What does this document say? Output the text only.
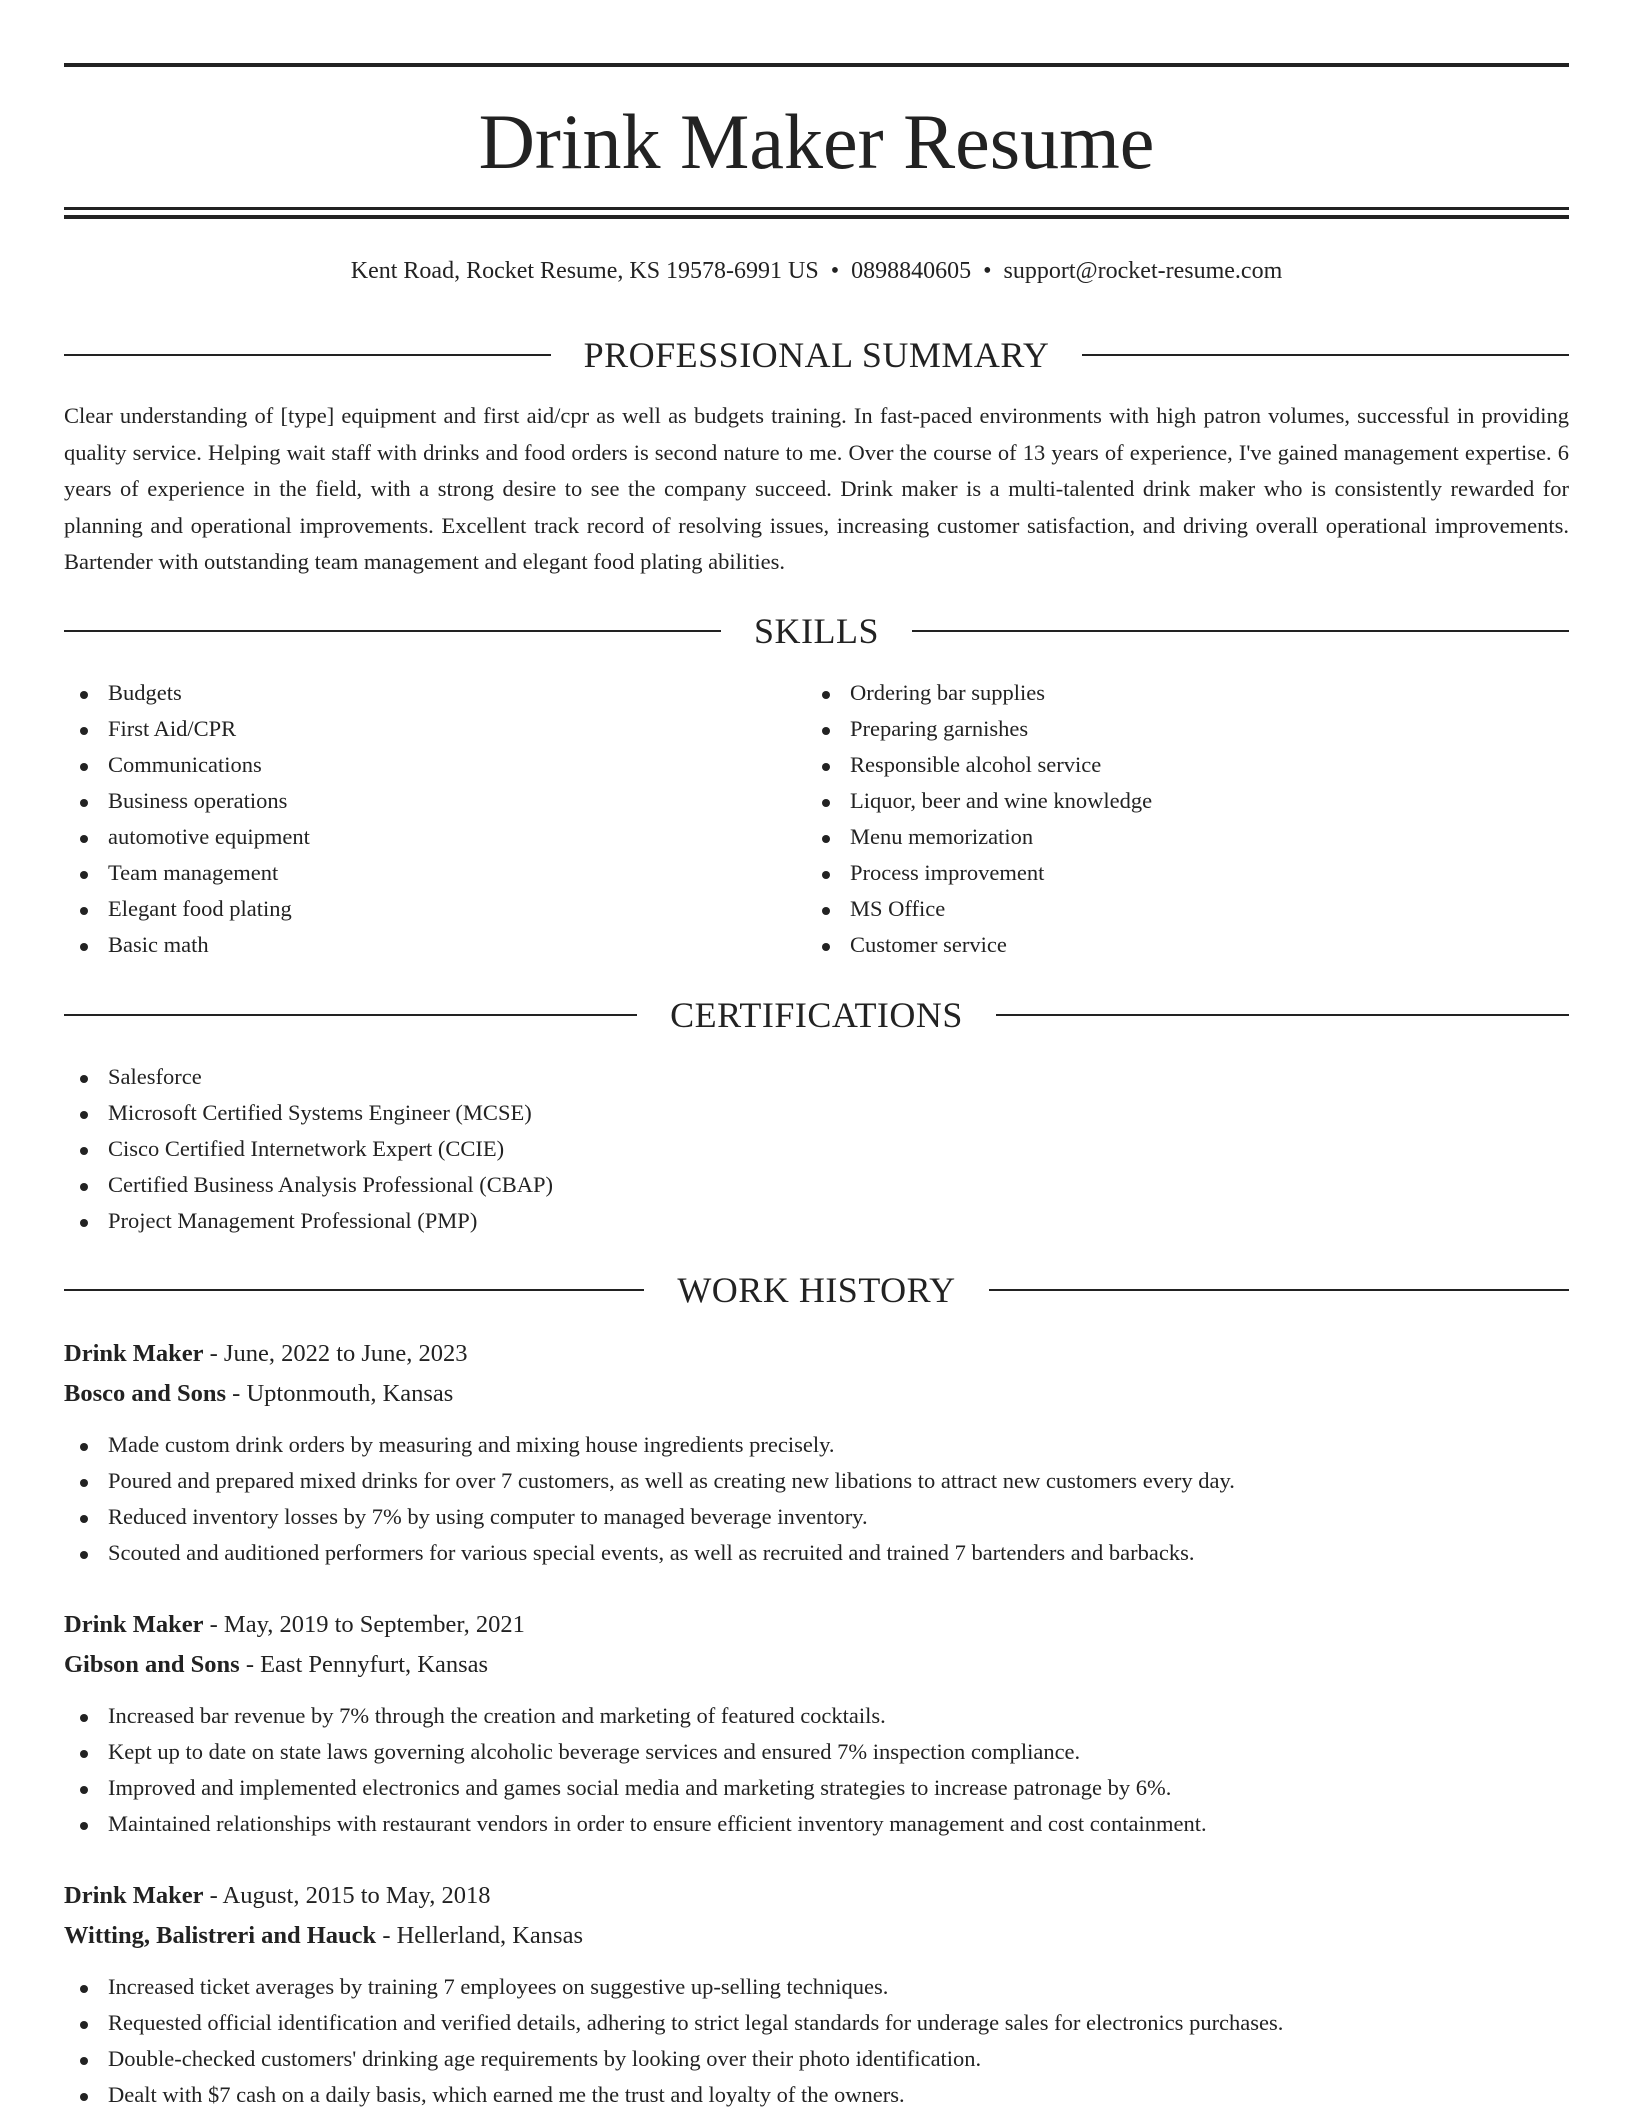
Drink Maker Resume
Kent Road, Rocket Resume, KS 19578-6991 US • 0898840605 • support@rocket-resume.com
PROFESSIONAL SUMMARY

Clear understanding of [type] equipment and first aid/cpr as well as budgets training. In fast-paced environments with high patron volumes, successful in providing quality service. Helping wait staff with drinks and food orders is second nature to me. Over the course of 13 years of experience, I've gained management expertise. 6 years of experience in the field, with a strong desire to see the company succeed. Drink maker is a multi-talented drink maker who is consistently rewarded for planning and operational improvements. Excellent track record of resolving issues, increasing customer satisfaction, and driving overall operational improvements. Bartender with outstanding team management and elegant food plating abilities.

SKILLS
Budgets
First Aid/CPR
Communications
Business operations
automotive equipment
Team management
Elegant food plating
Basic math
Ordering bar supplies
Preparing garnishes
Responsible alcohol service
Liquor, beer and wine knowledge
Menu memorization
Process improvement
MS Office
Customer service
CERTIFICATIONS
Salesforce
Microsoft Certified Systems Engineer (MCSE)
Cisco Certified Internetwork Expert (CCIE)
Certified Business Analysis Professional (CBAP)
Project Management Professional (PMP)
WORK HISTORY
Drink Maker - June, 2022 to June, 2023
Bosco and Sons - Uptonmouth, Kansas
Made custom drink orders by measuring and mixing house ingredients precisely.
Poured and prepared mixed drinks for over 7 customers, as well as creating new libations to attract new customers every day.
Reduced inventory losses by 7% by using computer to managed beverage inventory.
Scouted and auditioned performers for various special events, as well as recruited and trained 7 bartenders and barbacks.
Drink Maker - May, 2019 to September, 2021
Gibson and Sons - East Pennyfurt, Kansas
Increased bar revenue by 7% through the creation and marketing of featured cocktails.
Kept up to date on state laws governing alcoholic beverage services and ensured 7% inspection compliance.
Improved and implemented electronics and games social media and marketing strategies to increase patronage by 6%.
Maintained relationships with restaurant vendors in order to ensure efficient inventory management and cost containment.
Drink Maker - August, 2015 to May, 2018
Witting, Balistreri and Hauck - Hellerland, Kansas
Increased ticket averages by training 7 employees on suggestive up-selling techniques.
Requested official identification and verified details, adhering to strict legal standards for underage sales for electronics purchases.
Double-checked customers' drinking age requirements by looking over their photo identification.
Dealt with $7 cash on a daily basis, which earned me the trust and loyalty of the owners.
